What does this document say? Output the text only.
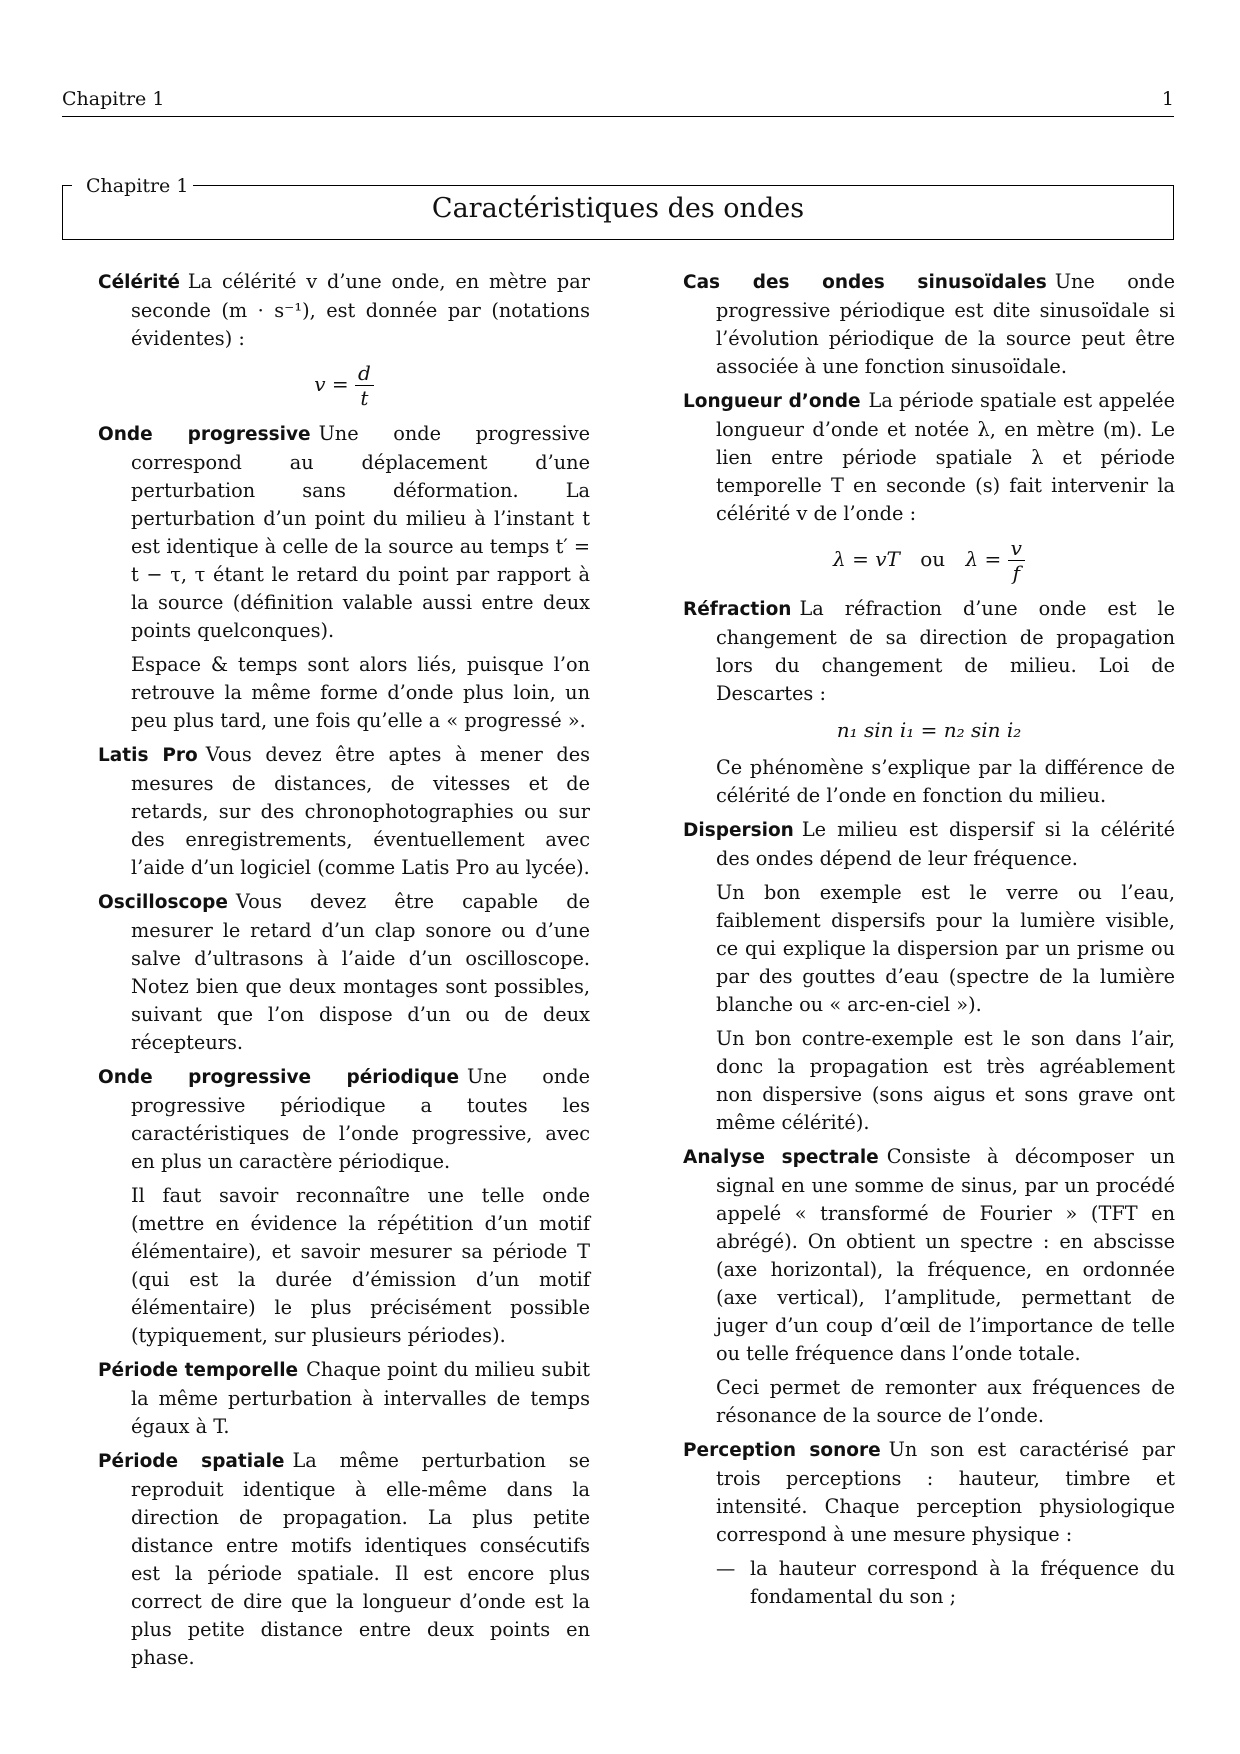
Chapitre 1	1
Chapitre 1
Caractéristiques des ondes
Célérité La célérité v d’une onde, en mètre par seconde (m · s⁻¹), est donnée par (notations évidentes) :
$v = \frac{d}{t}$
Onde progressive Une onde progressive correspond au déplacement d’une perturbation sans déformation. La perturbation d’un point du milieu à l’instant t est identique à celle de la source au temps t′ = t − τ, τ étant le retard du point par rapport à la source (définition valable aussi entre deux points quelconques).
Espace & temps sont alors liés, puisque l’on retrouve la même forme d’onde plus loin, un peu plus tard, une fois qu’elle a « progressé ».
Latis Pro Vous devez être aptes à mener des mesures de distances, de vitesses et de retards, sur des chronophotographies ou sur des enregistrements, éventuellement avec l’aide d’un logiciel (comme Latis Pro au lycée).
Oscilloscope Vous devez être capable de mesurer le retard d’un clap sonore ou d’une salve d’ultrasons à l’aide d’un oscilloscope. Notez bien que deux montages sont possibles, suivant que l’on dispose d’un ou de deux récepteurs.
Onde progressive périodique Une onde progressive périodique a toutes les caractéristiques de l’onde progressive, avec en plus un caractère périodique.
Il faut savoir reconnaître une telle onde (mettre en évidence la répétition d’un motif élémentaire), et savoir mesurer sa période T (qui est la durée d’émission d’un motif élémentaire) le plus précisément possible (typiquement, sur plusieurs périodes).
Période temporelle Chaque point du milieu subit la même perturbation à intervalles de temps égaux à T.
Période spatiale La même perturbation se reproduit identique à elle-même dans la direction de propagation. La plus petite distance entre motifs identiques consécutifs est la période spatiale. Il est encore plus correct de dire que la longueur d’onde est la plus petite distance entre deux points en phase.
Cas des ondes sinusoïdales Une onde progressive périodique est dite sinusoïdale si l’évolution périodique de la source peut être associée à une fonction sinusoïdale.
Longueur d’onde La période spatiale est appelée longueur d’onde et notée λ, en mètre (m). Le lien entre période spatiale λ et période temporelle T en seconde (s) fait intervenir la célérité v de l’onde :
λ = vT ou $\lambda = \frac{v}{f}$
Réfraction La réfraction d’une onde est le changement de sa direction de propagation lors du changement de milieu. Loi de Descartes :
n₁ sin i₁ = n₂ sin i₂
Ce phénomène s’explique par la différence de célérité de l’onde en fonction du milieu.
Dispersion Le milieu est dispersif si la célérité des ondes dépend de leur fréquence.
Un bon exemple est le verre ou l’eau, faiblement dispersifs pour la lumière visible, ce qui explique la dispersion par un prisme ou par des gouttes d’eau (spectre de la lumière blanche ou « arc-en-ciel »).
Un bon contre-exemple est le son dans l’air, donc la propagation est très agréablement non dispersive (sons aigus et sons grave ont même célérité).
Analyse spectrale Consiste à décomposer un signal en une somme de sinus, par un procédé appelé « transformé de Fourier » (TFT en abrégé). On obtient un spectre : en abscisse (axe horizontal), la fréquence, en ordonnée (axe vertical), l’amplitude, permettant de juger d’un coup d’œil de l’importance de telle ou telle fréquence dans l’onde totale.
Ceci permet de remonter aux fréquences de résonance de la source de l’onde.
Perception sonore Un son est caractérisé par trois perceptions : hauteur, timbre et intensité. Chaque perception physiologique correspond à une mesure physique :
— la hauteur correspond à la fréquence du fondamental du son ;
